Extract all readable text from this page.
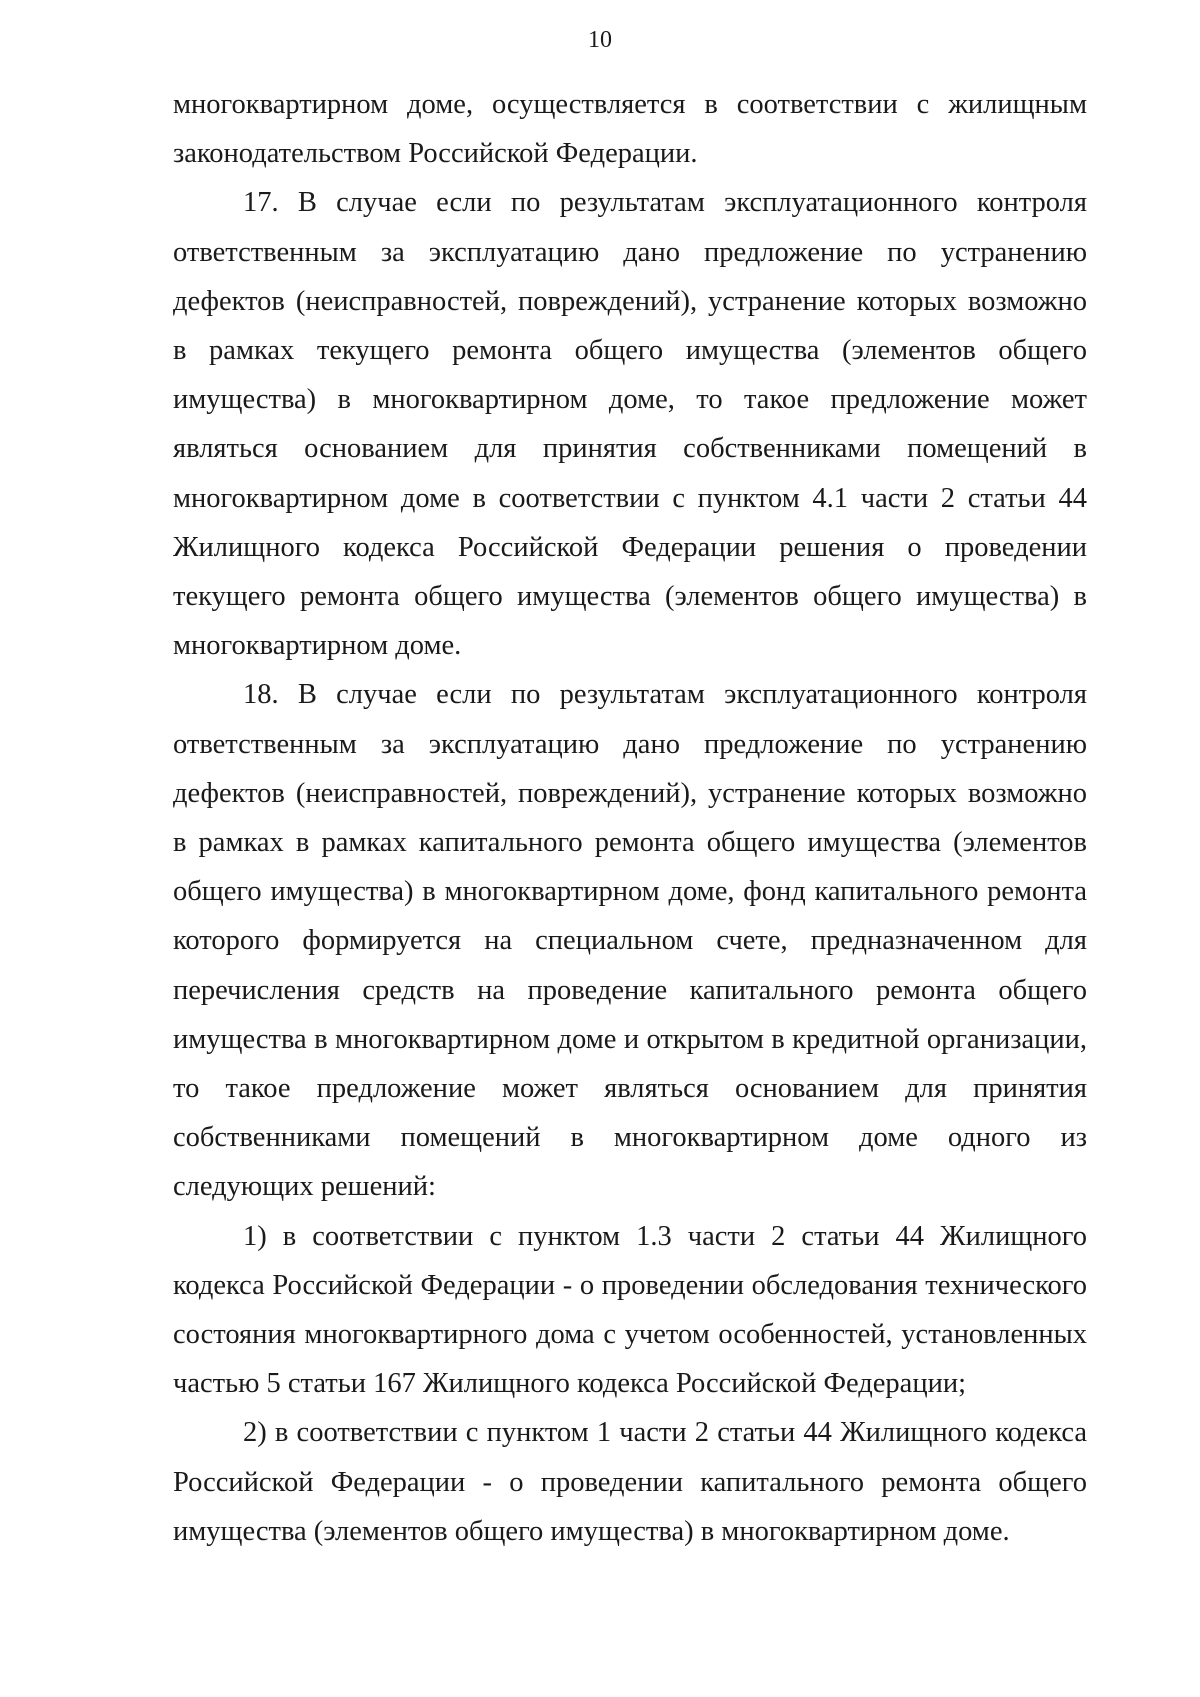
10

многоквартирном доме, осуществляется в соответствии с жилищным законодательством Российской Федерации.

17. В случае если по результатам эксплуатационного контроля ответственным за эксплуатацию дано предложение по устранению дефектов (неисправностей, повреждений), устранение которых возможно в рамках текущего ремонта общего имущества (элементов общего имущества) в многоквартирном доме, то такое предложение может являться основанием для принятия собственниками помещений в многоквартирном доме в соответствии с пунктом 4.1 части 2 статьи 44 Жилищного кодекса Российской Федерации решения о проведении текущего ремонта общего имущества (элементов общего имущества) в многоквартирном доме.

18. В случае если по результатам эксплуатационного контроля ответственным за эксплуатацию дано предложение по устранению дефектов (неисправностей, повреждений), устранение которых возможно в рамках в рамках капитального ремонта общего имущества (элементов общего имущества) в многоквартирном доме, фонд капитального ремонта которого формируется на специальном счете, предназначенном для перечисления средств на проведение капитального ремонта общего имущества в многоквартирном доме и открытом в кредитной организации, то такое предложение может являться основанием для принятия собственниками помещений в многоквартирном доме одного из следующих решений:

1) в соответствии с пунктом 1.3 части 2 статьи 44 Жилищного кодекса Российской Федерации - о проведении обследования технического состояния многоквартирного дома с учетом особенностей, установленных частью 5 статьи 167 Жилищного кодекса Российской Федерации;

2) в соответствии с пунктом 1 части 2 статьи 44 Жилищного кодекса Российской Федерации - о проведении капитального ремонта общего имущества (элементов общего имущества) в многоквартирном доме.
